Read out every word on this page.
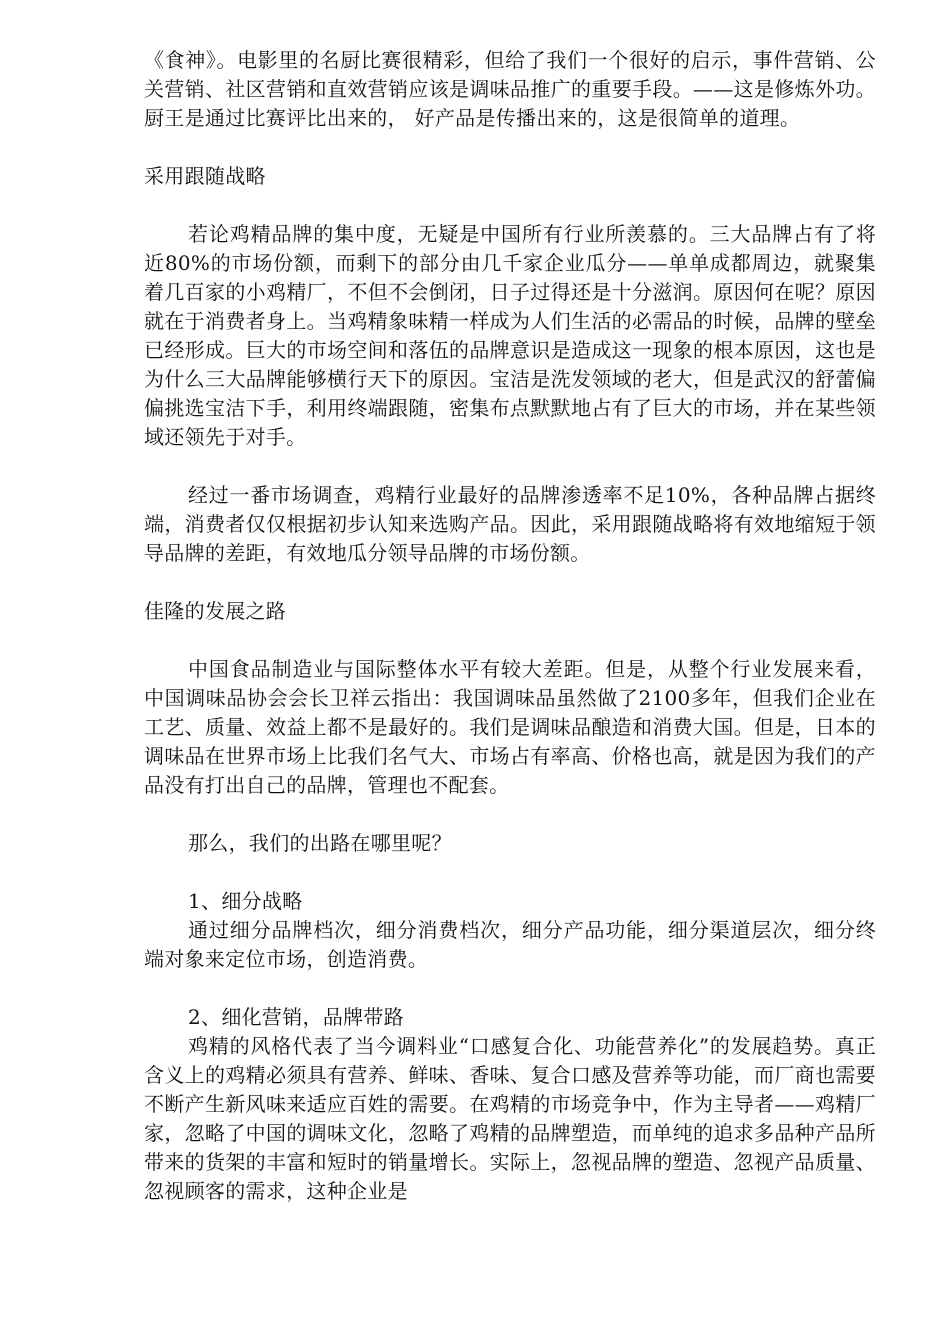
《食神》。电影里的名厨比赛很精彩，但给了我们一个很好的启示，事件营销、公关营销、社区营销和直效营销应该是调味品推广的重要手段。——这是修炼外功。厨王是通过比赛评比出来的， 好产品是传播出来的，这是很简单的道理。

采用跟随战略

若论鸡精品牌的集中度，无疑是中国所有行业所羡慕的。三大品牌占有了将近80%的市场份额，而剩下的部分由几千家企业瓜分——单单成都周边，就聚集着几百家的小鸡精厂，不但不会倒闭，日子过得还是十分滋润。原因何在呢？原因就在于消费者身上。当鸡精象味精一样成为人们生活的必需品的时候，品牌的壁垒已经形成。巨大的市场空间和落伍的品牌意识是造成这一现象的根本原因，这也是为什么三大品牌能够横行天下的原因。宝洁是洗发领域的老大，但是武汉的舒蕾偏偏挑选宝洁下手，利用终端跟随，密集布点默默地占有了巨大的市场，并在某些领域还领先于对手。

经过一番市场调查，鸡精行业最好的品牌渗透率不足10%，各种品牌占据终端，消费者仅仅根据初步认知来选购产品。因此，采用跟随战略将有效地缩短于领导品牌的差距，有效地瓜分领导品牌的市场份额。

佳隆的发展之路

中国食品制造业与国际整体水平有较大差距。但是，从整个行业发展来看，中国调味品协会会长卫祥云指出：我国调味品虽然做了2100多年，但我们企业在工艺、质量、效益上都不是最好的。我们是调味品酿造和消费大国。但是，日本的调味品在世界市场上比我们名气大、市场占有率高、价格也高，就是因为我们的产品没有打出自己的品牌，管理也不配套。

那么，我们的出路在哪里呢？

1、细分战略

通过细分品牌档次，细分消费档次，细分产品功能，细分渠道层次，细分终端对象来定位市场，创造消费。

2、细化营销，品牌带路

鸡精的风格代表了当今调料业“口感复合化、功能营养化”的发展趋势。真正含义上的鸡精必须具有营养、鲜味、香味、复合口感及营养等功能，而厂商也需要不断产生新风味来适应百姓的需要。在鸡精的市场竞争中，作为主导者——鸡精厂家，忽略了中国的调味文化，忽略了鸡精的品牌塑造，而单纯的追求多品种产品所带来的货架的丰富和短时的销量增长。实际上，忽视品牌的塑造、忽视产品质量、忽视顾客的需求，这种企业是
